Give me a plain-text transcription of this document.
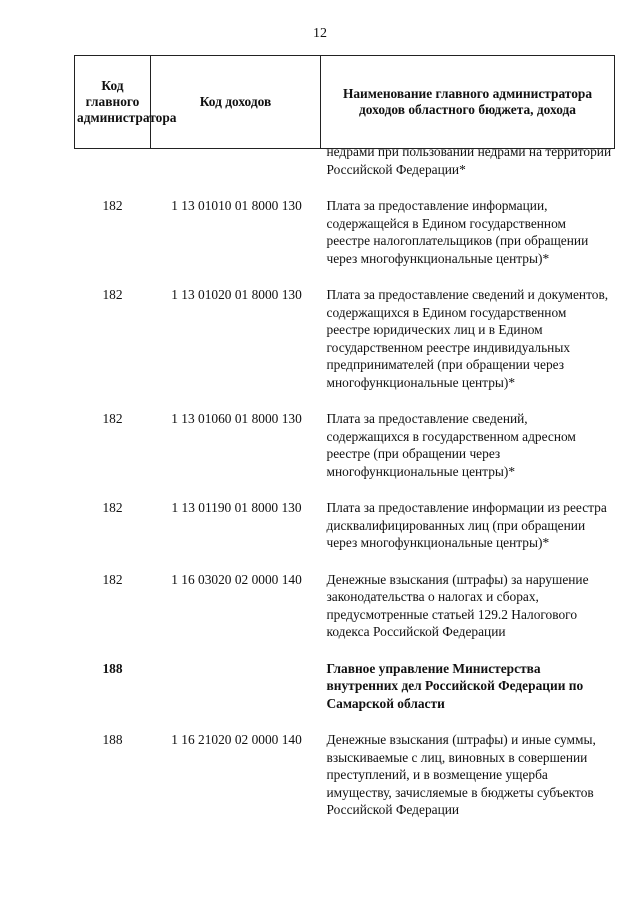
12
Код главного администратора	Код доходов	Наименование главного администратора доходов областного бюджета, дохода

		недрами при пользовании недрами на территории Российской Федерации*

182	1 13 01010 01 8000 130	Плата за предоставление информации, содержащейся в Едином государственном реестре налогоплательщиков (при обращении через многофункциональные центры)*
182	1 13 01020 01 8000 130	Плата за предоставление сведений и документов, содержащихся в Едином государственном реестре юридических лиц и в Едином государственном реестре индивидуальных предпринимателей (при обращении через многофункциональные центры)*
182	1 13 01060 01 8000 130	Плата за предоставление сведений, содержащихся в государственном адресном реестре (при обращении через многофункциональные центры)*
182	1 13 01190 01 8000 130	Плата за предоставление информации из реестра дисквалифицированных лиц (при обращении через многофункциональные центры)*
182	1 16 03020 02 0000 140	Денежные взыскания (штрафы) за нарушение законодательства о налогах и сборах, предусмотренные статьей 129.2 Налогового кодекса Российской Федерации
188		Главное управление Министерства внутренних дел Российской Федерации по Самарской области
188	1 16 21020 02 0000 140	Денежные взыскания (штрафы) и иные суммы, взыскиваемые с лиц, виновных в совершении преступлений, и в возмещение ущерба имуществу, зачисляемые в бюджеты субъектов Российской Федерации
